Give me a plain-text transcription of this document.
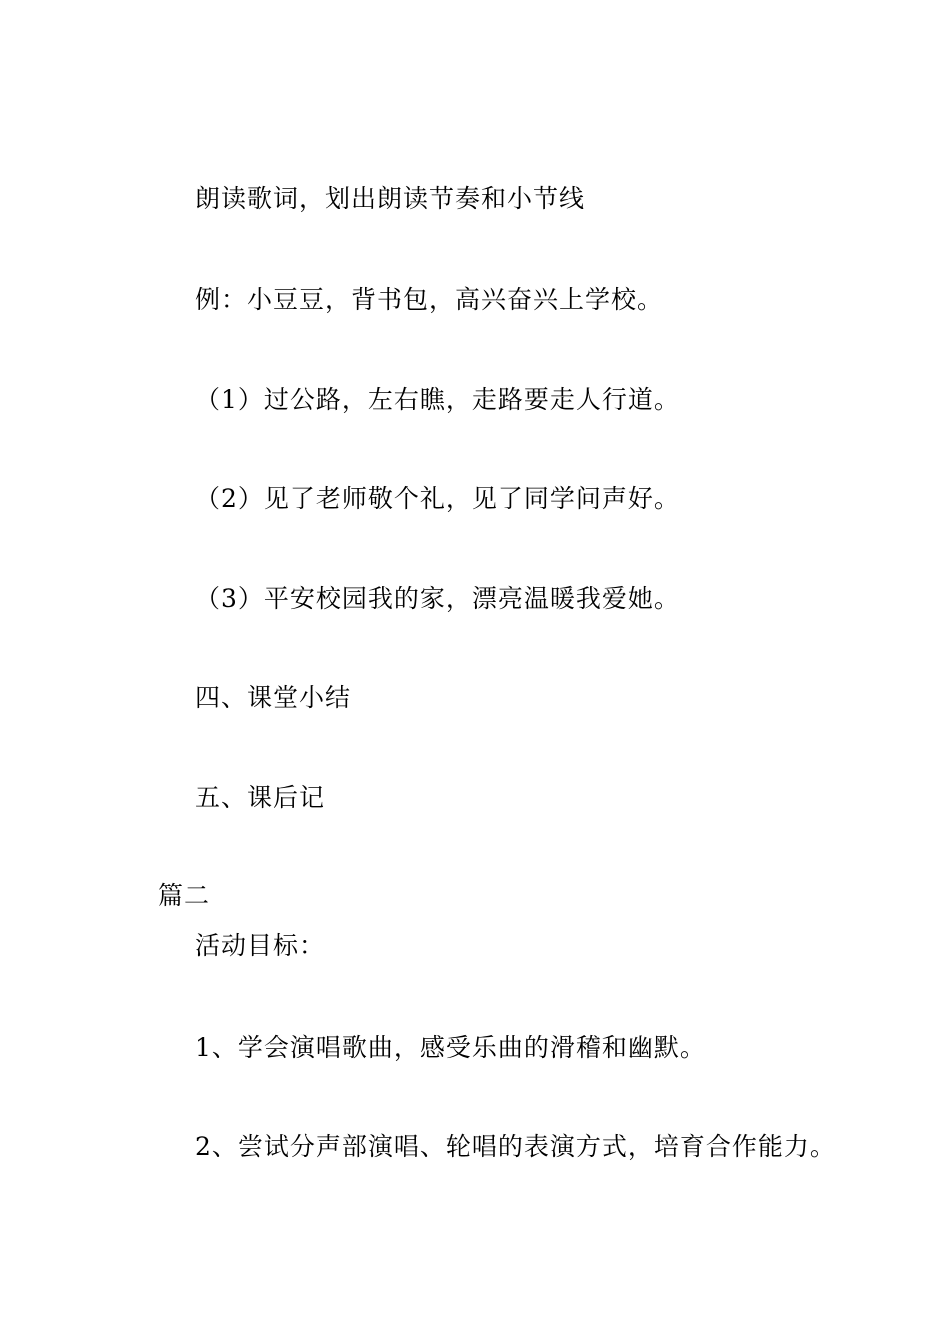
朗读歌词，划出朗读节奏和小节线
例：小豆豆，背书包，高兴奋兴上学校。
（1）过公路，左右瞧，走路要走人行道。
（2）见了老师敬个礼，见了同学问声好。
（3）平安校园我的家，漂亮温暖我爱她。
四、课堂小结
五、课后记
篇二
活动目标：
1、学会演唱歌曲，感受乐曲的滑稽和幽默。
2、尝试分声部演唱、轮唱的表演方式，培育合作能力。
